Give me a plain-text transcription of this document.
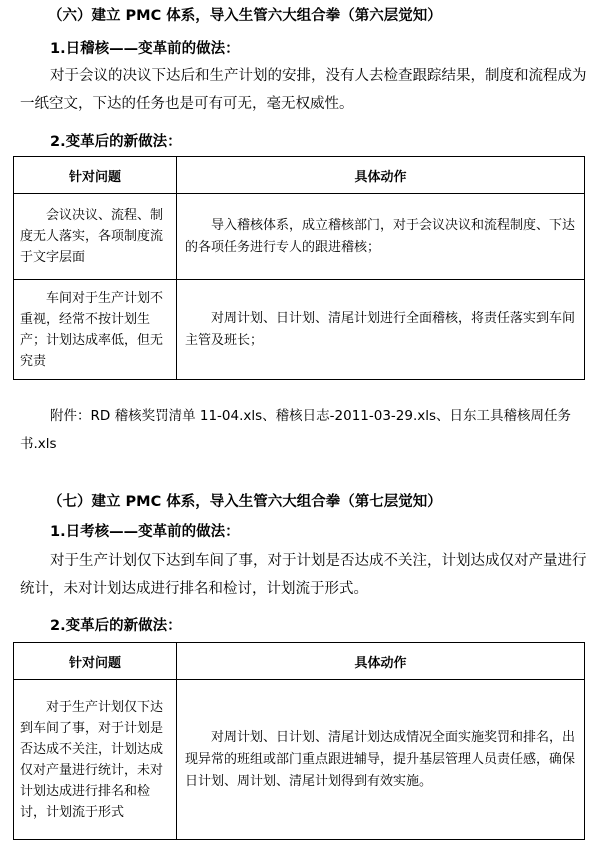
（六）建立 PMC 体系，导入生管六大组合拳（第六层觉知）
1.日稽核——变革前的做法：
对于会议的决议下达后和生产计划的安排，没有人去检查跟踪结果，制度和流程成为一纸空文，下达的任务也是可有可无，毫无权威性。
2.变革后的新做法：
针对问题	具体动作
会议决议、流程、制度无人落实，各项制度流于文字层面	导入稽核体系，成立稽核部门，对于会议决议和流程制度、下达的各项任务进行专人的跟进稽核；
车间对于生产计划不重视，经常不按计划生产；计划达成率低，但无究责	对周计划、日计划、清尾计划进行全面稽核，将责任落实到车间主管及班长；
附件：RD 稽核奖罚清单 11-04.xls、稽核日志-2011-03-29.xls、日东工具稽核周任务书.xls
（七）建立 PMC 体系，导入生管六大组合拳（第七层觉知）
1.日考核——变革前的做法：
对于生产计划仅下达到车间了事，对于计划是否达成不关注，计划达成仅对产量进行统计，未对计划达成进行排名和检讨，计划流于形式。
2.变革后的新做法：
针对问题	具体动作
对于生产计划仅下达到车间了事，对于计划是否达成不关注，计划达成仅对产量进行统计，未对计划达成进行排名和检讨，计划流于形式	对周计划、日计划、清尾计划达成情况全面实施奖罚和排名，出现异常的班组或部门重点跟进辅导，提升基层管理人员责任感，确保日计划、周计划、清尾计划得到有效实施。
